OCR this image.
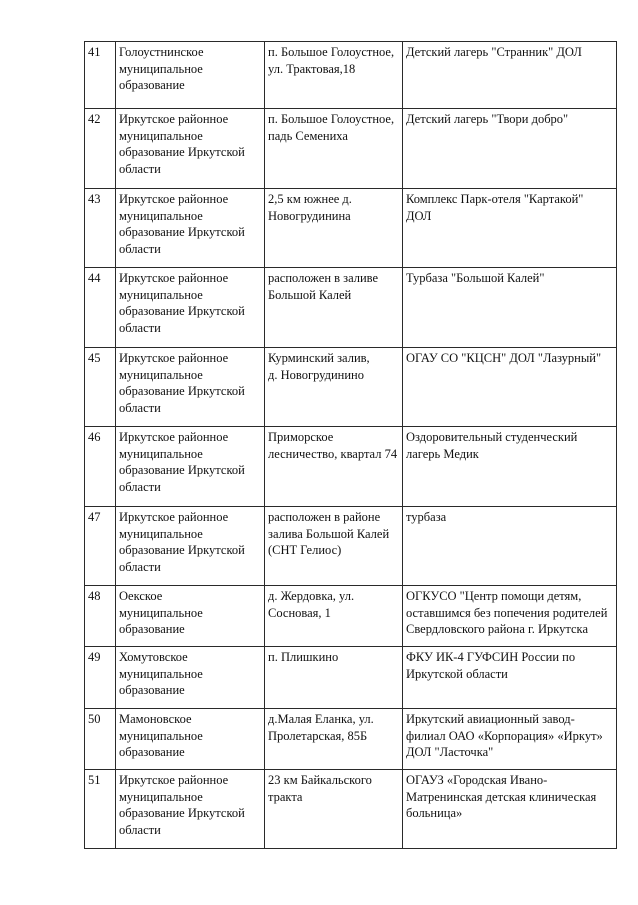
41	Голоустнинское
муниципальное
образование	п. Большое Голоустное,
ул. Трактовая,18	Детский лагерь "Странник" ДОЛ

42	Иркутское районное
муниципальное
образование Иркутской
области	п. Большое Голоустное,
падь Семениха	Детский лагерь "Твори добро"

43	Иркутское районное
муниципальное
образование Иркутской
области	2,5 км южнее д.
Новогрудинина	Комплекс Парк-отеля "Картакой"
ДОЛ

44	Иркутское районное
муниципальное
образование Иркутской
области	расположен в заливе
Большой Калей	Турбаза "Большой Калей"

45	Иркутское районное
муниципальное
образование Иркутской
области	Курминский залив,
д. Новогрудинино	ОГАУ СО "КЦСН" ДОЛ "Лазурный"

46	Иркутское районное
муниципальное
образование Иркутской
области	Приморское
лесничество, квартал 74	Оздоровительный студенческий
лагерь Медик

47	Иркутское районное
муниципальное
образование Иркутской
области	расположен в районе
залива Большой Калей
(СНТ Гелиос)	турбаза

48	Оекское
муниципальное
образование	д. Жердовка, ул.
Сосновая, 1	ОГКУСО "Центр помощи детям,
оставшимся без попечения родителей
Свердловского района г. Иркутска

49	Хомутовское
муниципальное
образование	п. Плишкино	ФКУ ИК-4 ГУФСИН России по
Иркутской области

50	Мамоновское
муниципальное
образование	д.Малая Еланка, ул.
Пролетарская, 85Б	Иркутский авиационный завод-
филиал ОАО «Корпорация» «Иркут»
ДОЛ "Ласточка"

51	Иркутское районное
муниципальное
образование Иркутской
области	23 км Байкальского
тракта	ОГАУЗ «Городская Ивано-
Матренинская детская клиническая
больница»
